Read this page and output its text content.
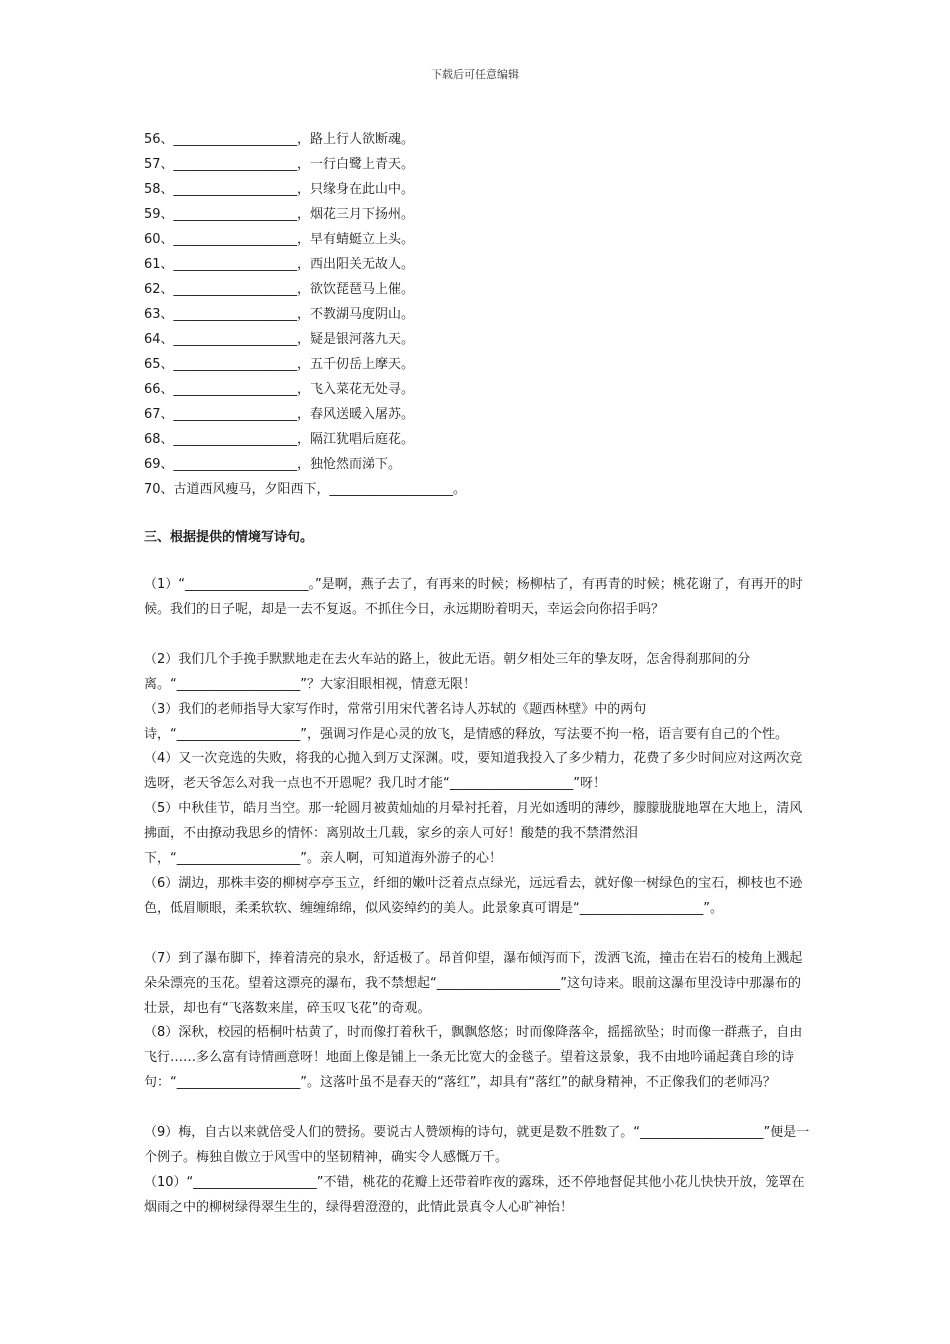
下载后可任意编辑
56、___________________，路上行人欲断魂。
57、___________________，一行白鹭上青天。
58、___________________，只缘身在此山中。
59、___________________，烟花三月下扬州。
60、___________________，早有蜻蜓立上头。
61、___________________，西出阳关无故人。
62、___________________，欲饮琵琶马上催。
63、___________________，不教湖马度阴山。
64、___________________，疑是银河落九天。
65、___________________，五千仞岳上摩天。
66、___________________，飞入菜花无处寻。
67、___________________，春风送暖入屠苏。
68、___________________，隔江犹唱后庭花。
69、___________________，独怆然而涕下。
70、古道西风瘦马，夕阳西下，___________________。
三、根据提供的情境写诗句。
（1）“___________________。”是啊，燕子去了，有再来的时候；杨柳枯了，有再青的时候；桃花谢了，有再开的时候。我们的日子呢，却是一去不复返。不抓住今日，永远期盼着明天，幸运会向你招手吗？
（2）我们几个手挽手默默地走在去火车站的路上，彼此无语。朝夕相处三年的挚友呀，怎舍得刹那间的分离。“___________________”？大家泪眼相视，情意无限！
（3）我们的老师指导大家写作时，常常引用宋代著名诗人苏轼的《题西林壁》中的两句诗，“___________________”，强调习作是心灵的放飞，是情感的释放，写法要不拘一格，语言要有自己的个性。
（4）又一次竞选的失败，将我的心抛入到万丈深渊。哎，要知道我投入了多少精力，花费了多少时间应对这两次竞选呀，老天爷怎么对我一点也不开恩呢？我几时才能“___________________”呀！
（5）中秋佳节，皓月当空。那一轮圆月被黄灿灿的月晕衬托着，月光如透明的薄纱，朦朦胧胧地罩在大地上，清风拂面，不由撩动我思乡的情怀：离别故土几载，家乡的亲人可好！酸楚的我不禁潸然泪下，“___________________”。亲人啊，可知道海外游子的心！
（6）湖边，那株丰姿的柳树亭亭玉立，纤细的嫩叶泛着点点绿光，远远看去，就好像一树绿色的宝石，柳枝也不逊色，低眉顺眼，柔柔软软、缠缠绵绵，似风姿绰约的美人。此景象真可谓是“___________________”。
（7）到了瀑布脚下，捧着清亮的泉水，舒适极了。昂首仰望，瀑布倾泻而下，泼洒飞流，撞击在岩石的棱角上溅起朵朵漂亮的玉花。望着这漂亮的瀑布，我不禁想起“___________________”这句诗来。眼前这瀑布里没诗中那瀑布的壮景，却也有“飞落数来崖，碎玉叹飞花”的奇观。
（8）深秋，校园的梧桐叶枯黄了，时而像打着秋千，飘飘悠悠；时而像降落伞，摇摇欲坠；时而像一群燕子，自由飞行……多么富有诗情画意呀！地面上像是铺上一条无比宽大的金毯子。望着这景象，我不由地吟诵起龚自珍的诗句：“___________________”。这落叶虽不是春天的“落红”，却具有“落红”的献身精神，不正像我们的老师冯？
（9）梅，自古以来就倍受人们的赞扬。要说古人赞颂梅的诗句，就更是数不胜数了。“___________________”便是一个例子。梅独自傲立于风雪中的坚韧精神，确实令人感慨万千。
（10）“___________________”不错，桃花的花瓣上还带着昨夜的露珠，还不停地督促其他小花儿快快开放，笼罩在烟雨之中的柳树绿得翠生生的，绿得碧澄澄的，此情此景真令人心旷神怡！
